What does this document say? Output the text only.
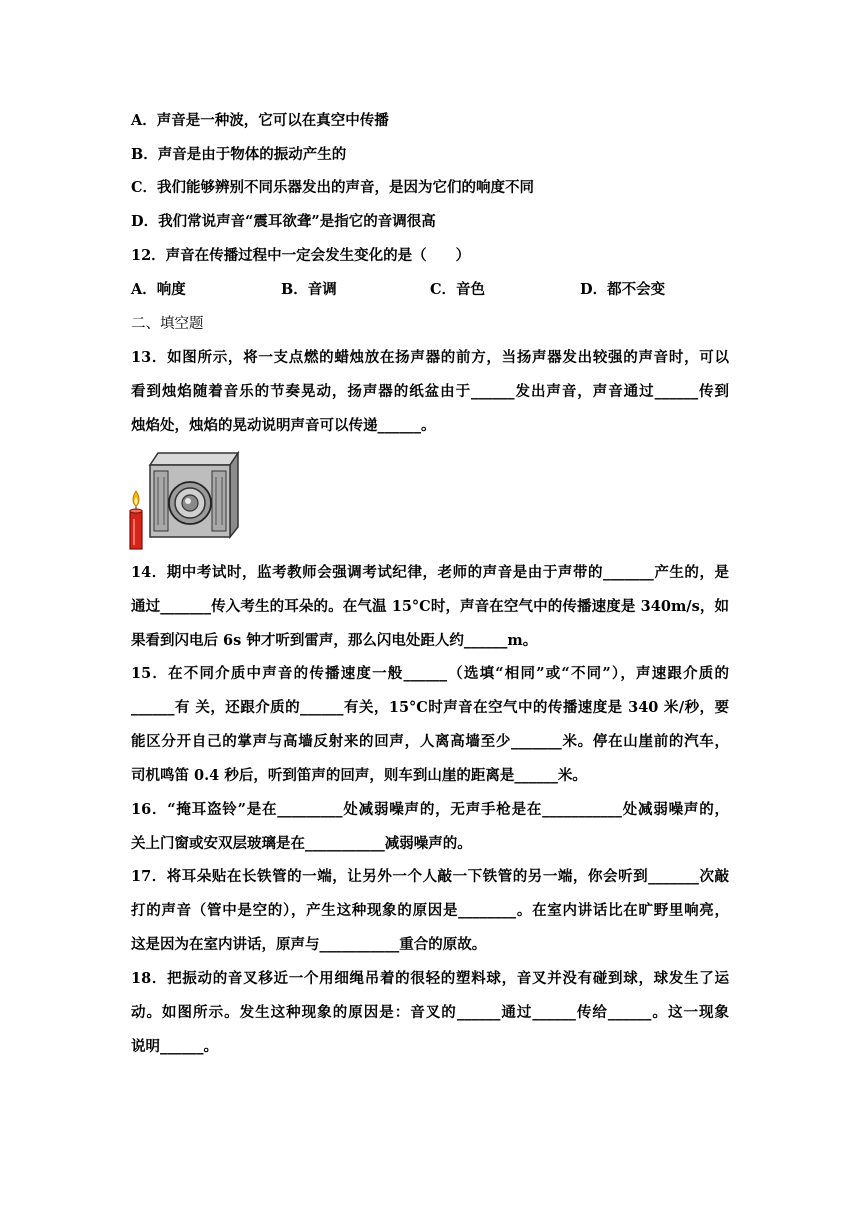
A．声音是一种波，它可以在真空中传播
B．声音是由于物体的振动产生的
C．我们能够辨别不同乐器发出的声音，是因为它们的响度不同
D．我们常说声音“震耳欲聋”是指它的音调很高
12．声音在传播过程中一定会发生变化的是（　　）
A．响度	B．音调	C．音色	D．都不会变
二、填空题
13．如图所示，将一支点燃的蜡烛放在扬声器的前方，当扬声器发出较强的声音时，可以
看到烛焰随着音乐的节奏晃动，扬声器的纸盆由于______发出声音，声音通过______传到
烛焰处，烛焰的晃动说明声音可以传递______。
14．期中考试时，监考教师会强调考试纪律，老师的声音是由于声带的_______产生的，是
通过_______传入考生的耳朵的。在气温 15°C时，声音在空气中的传播速度是 340m/s，如
果看到闪电后 6s 钟才听到雷声，那么闪电处距人约______m。
15．在不同介质中声音的传播速度一般______（选填“相同”或“不同”），声速跟介质的
______有 关，还跟介质的______有关，15°C时声音在空气中的传播速度是 340 米/秒，要
能区分开自己的掌声与高墙反射来的回声，人离高墙至少_______米。停在山崖前的汽车，
司机鸣笛 0.4 秒后，听到笛声的回声，则车到山崖的距离是______米。
16．“掩耳盗铃”是在_________处减弱噪声的，无声手枪是在___________处减弱噪声的，
关上门窗或安双层玻璃是在___________减弱噪声的。
17．将耳朵贴在长铁管的一端，让另外一个人敲一下铁管的另一端，你会听到_______次敲
打的声音（管中是空的），产生这种现象的原因是________。在室内讲话比在旷野里响亮，
这是因为在室内讲话，原声与___________重合的原故。
18．把振动的音叉移近一个用细绳吊着的很轻的塑料球，音叉并没有碰到球，球发生了运
动。如图所示。发生这种现象的原因是：音叉的______通过______传给______。这一现象
说明______。
